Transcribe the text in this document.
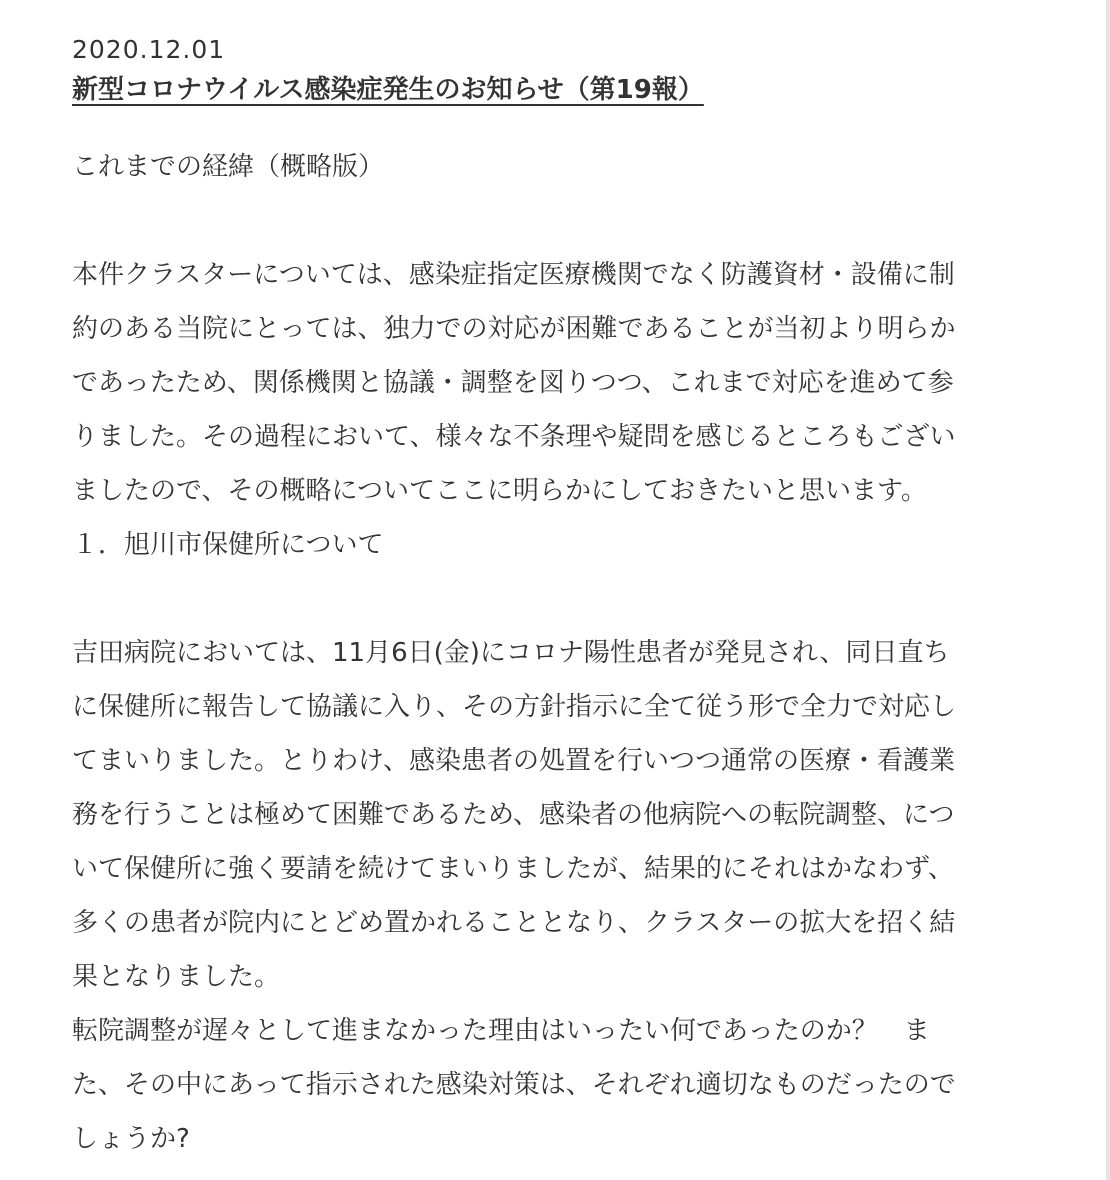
2020.12.01

新型コロナウイルス感染症発生のお知らせ（第19報）

これまでの経緯（概略版）

本件クラスターについては、感染症指定医療機関でなく防護資材・設備に制
約のある当院にとっては、独力での対応が困難であることが当初より明らか
であったため、関係機関と協議・調整を図りつつ、これまで対応を進めて参
りました。その過程において、様々な不条理や疑問を感じるところもござい
ましたので、その概略についてここに明らかにしておきたいと思います。
１．旭川市保健所について
吉田病院においては、11月6日(金)にコロナ陽性患者が発見され、同日直ち
に保健所に報告して協議に入り、その方針指示に全て従う形で全力で対応し
てまいりました。とりわけ、感染患者の処置を行いつつ通常の医療・看護業
務を行うことは極めて困難であるため、感染者の他病院への転院調整、につ
いて保健所に強く要請を続けてまいりましたが、結果的にそれはかなわず、
多くの患者が院内にとどめ置かれることとなり、クラスターの拡大を招く結
果となりました。
転院調整が遅々として進まなかった理由はいったい何であったのか？　ま
た、その中にあって指示された感染対策は、それぞれ適切なものだったので
しょうか?
